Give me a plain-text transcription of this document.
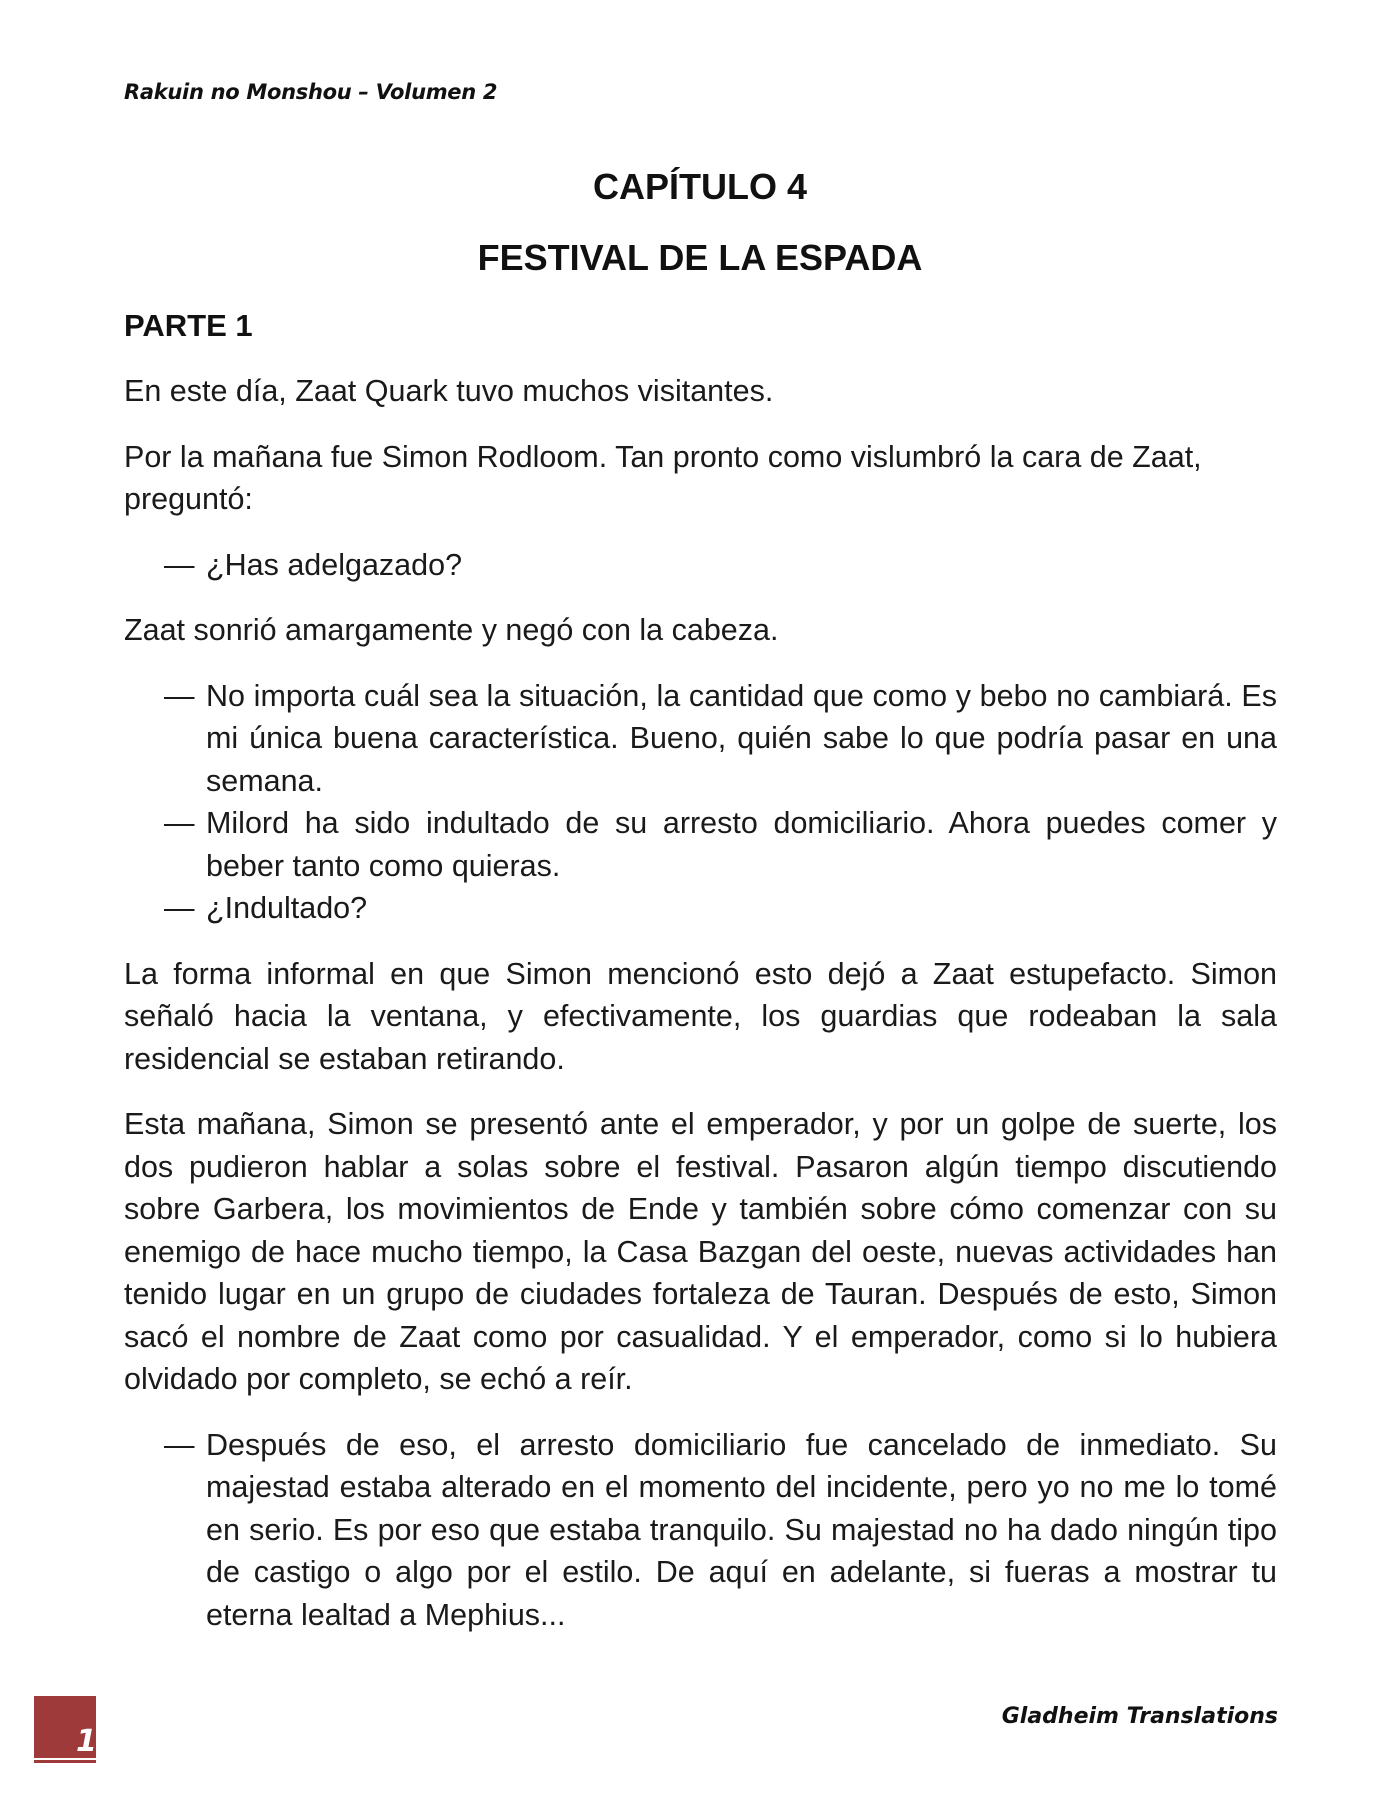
Rakuin no Monshou – Volumen 2
CAPÍTULO 4
FESTIVAL DE LA ESPADA
PARTE 1

En este día, Zaat Quark tuvo muchos visitantes.

Por la mañana fue Simon Rodloom. Tan pronto como vislumbró la cara de Zaat, preguntó:

— ¿Has adelgazado?

Zaat sonrió amargamente y negó con la cabeza.

— No importa cuál sea la situación, la cantidad que como y bebo no cambiará. Es mi única buena característica. Bueno, quién sabe lo que podría pasar en una semana.
— Milord ha sido indultado de su arresto domiciliario. Ahora puedes comer y beber tanto como quieras.
— ¿Indultado?

La forma informal en que Simon mencionó esto dejó a Zaat estupefacto. Simon señaló hacia la ventana, y efectivamente, los guardias que rodeaban la sala residencial se estaban retirando.

Esta mañana, Simon se presentó ante el emperador, y por un golpe de suerte, los dos pudieron hablar a solas sobre el festival. Pasaron algún tiempo discutiendo sobre Garbera, los movimientos de Ende y también sobre cómo comenzar con su enemigo de hace mucho tiempo, la Casa Bazgan del oeste, nuevas actividades han tenido lugar en un grupo de ciudades fortaleza de Tauran. Después de esto, Simon sacó el nombre de Zaat como por casualidad. Y el emperador, como si lo hubiera olvidado por completo, se echó a reír.

— Después de eso, el arresto domiciliario fue cancelado de inmediato. Su majestad estaba alterado en el momento del incidente, pero yo no me lo tomé en serio. Es por eso que estaba tranquilo. Su majestad no ha dado ningún tipo de castigo o algo por el estilo. De aquí en adelante, si fueras a mostrar tu eterna lealtad a Mephius...
1
Gladheim Translations
